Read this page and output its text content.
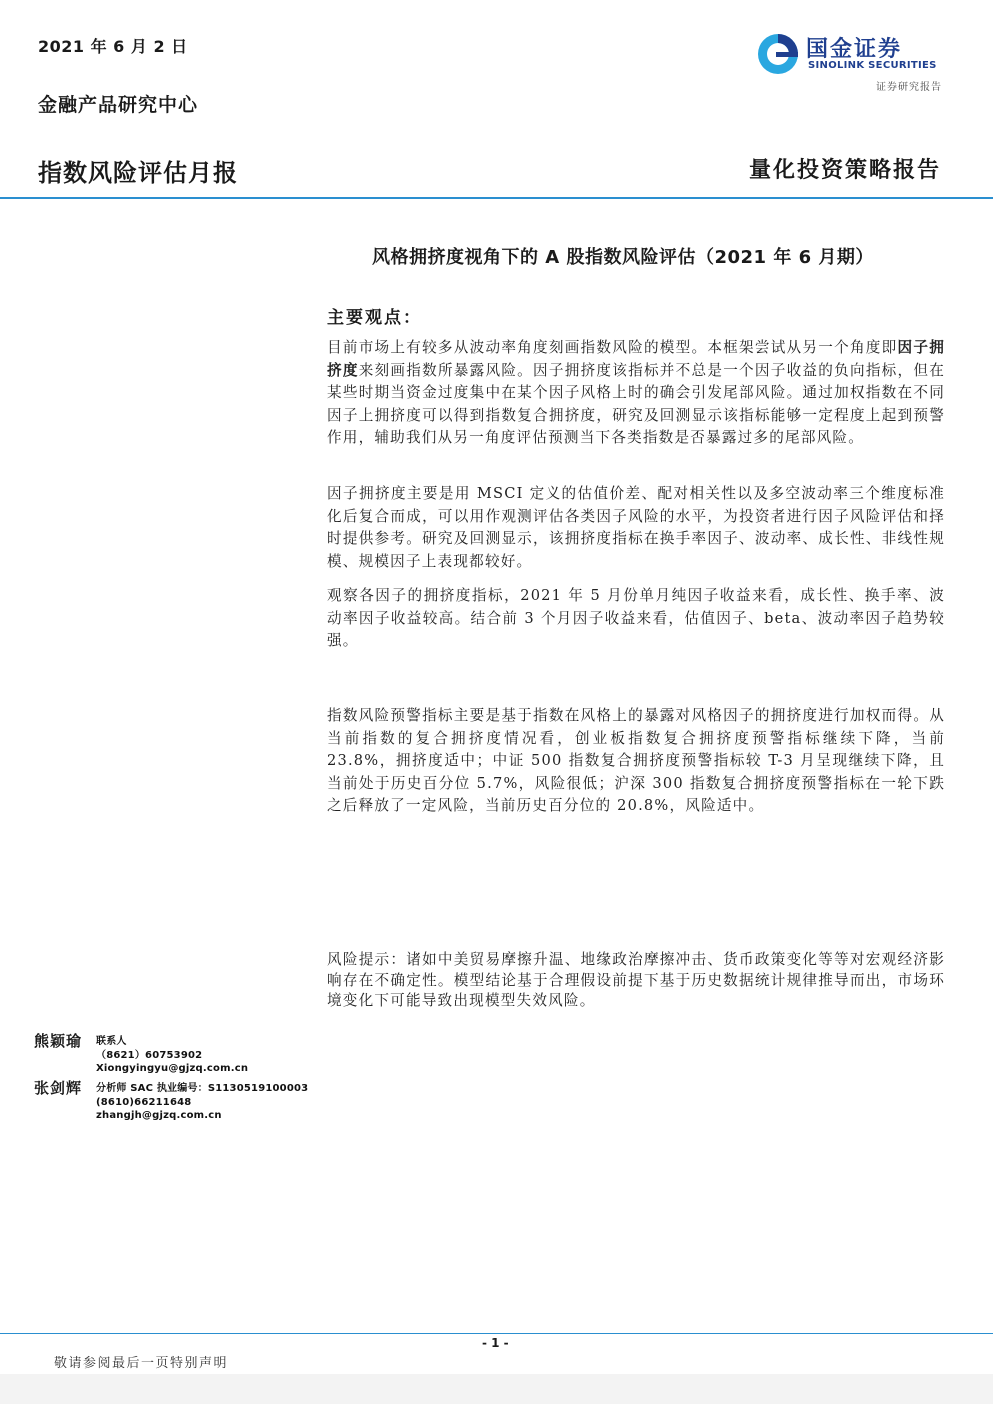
2021 年 6 月 2 日
金融产品研究中心
指数风险评估月报	量化投资策略报告
国金证券
SINOLINK SECURITIES
证券研究报告
风格拥挤度视角下的 A 股指数风险评估（2021 年 6 月期）
主要观点：

目前市场上有较多从波动率角度刻画指数风险的模型。本框架尝试从另一个角度即因子拥挤度来刻画指数所暴露风险。因子拥挤度该指标并不总是一个因子收益的负向指标，但在某些时期当资金过度集中在某个因子风格上时的确会引发尾部风险。通过加权指数在不同因子上拥挤度可以得到指数复合拥挤度，研究及回测显示该指标能够一定程度上起到预警作用，辅助我们从另一角度评估预测当下各类指数是否暴露过多的尾部风险。

因子拥挤度主要是用 MSCI 定义的估值价差、配对相关性以及多空波动率三个维度标准化后复合而成，可以用作观测评估各类因子风险的水平，为投资者进行因子风险评估和择时提供参考。研究及回测显示，该拥挤度指标在换手率因子、波动率、成长性、非线性规模、规模因子上表现都较好。

观察各因子的拥挤度指标，2021 年 5 月份单月纯因子收益来看，成长性、换手率、波动率因子收益较高。结合前 3 个月因子收益来看，估值因子、beta、波动率因子趋势较强。

指数风险预警指标主要是基于指数在风格上的暴露对风格因子的拥挤度进行加权而得。从当前指数的复合拥挤度情况看，创业板指数复合拥挤度预警指标继续下降，当前 23.8%，拥挤度适中；中证 500 指数复合拥挤度预警指标较 T-3 月呈现继续下降，且当前处于历史百分位 5.7%，风险很低；沪深 300 指数复合拥挤度预警指标在一轮下跌之后释放了一定风险，当前历史百分位的 20.8%，风险适中。

风险提示：诸如中美贸易摩擦升温、地缘政治摩擦冲击、货币政策变化等等对宏观经济影响存在不确定性。模型结论基于合理假设前提下基于历史数据统计规律推导而出，市场环境变化下可能导致出现模型失效风险。

熊颖瑜 联系人
（8621）60753902
Xiongyingyu@gjzq.com.cn
张剑辉 分析师 SAC 执业编号：S1130519100003
(8610)66211648
zhangjh@gjzq.com.cn
- 1 -
敬请参阅最后一页特别声明
